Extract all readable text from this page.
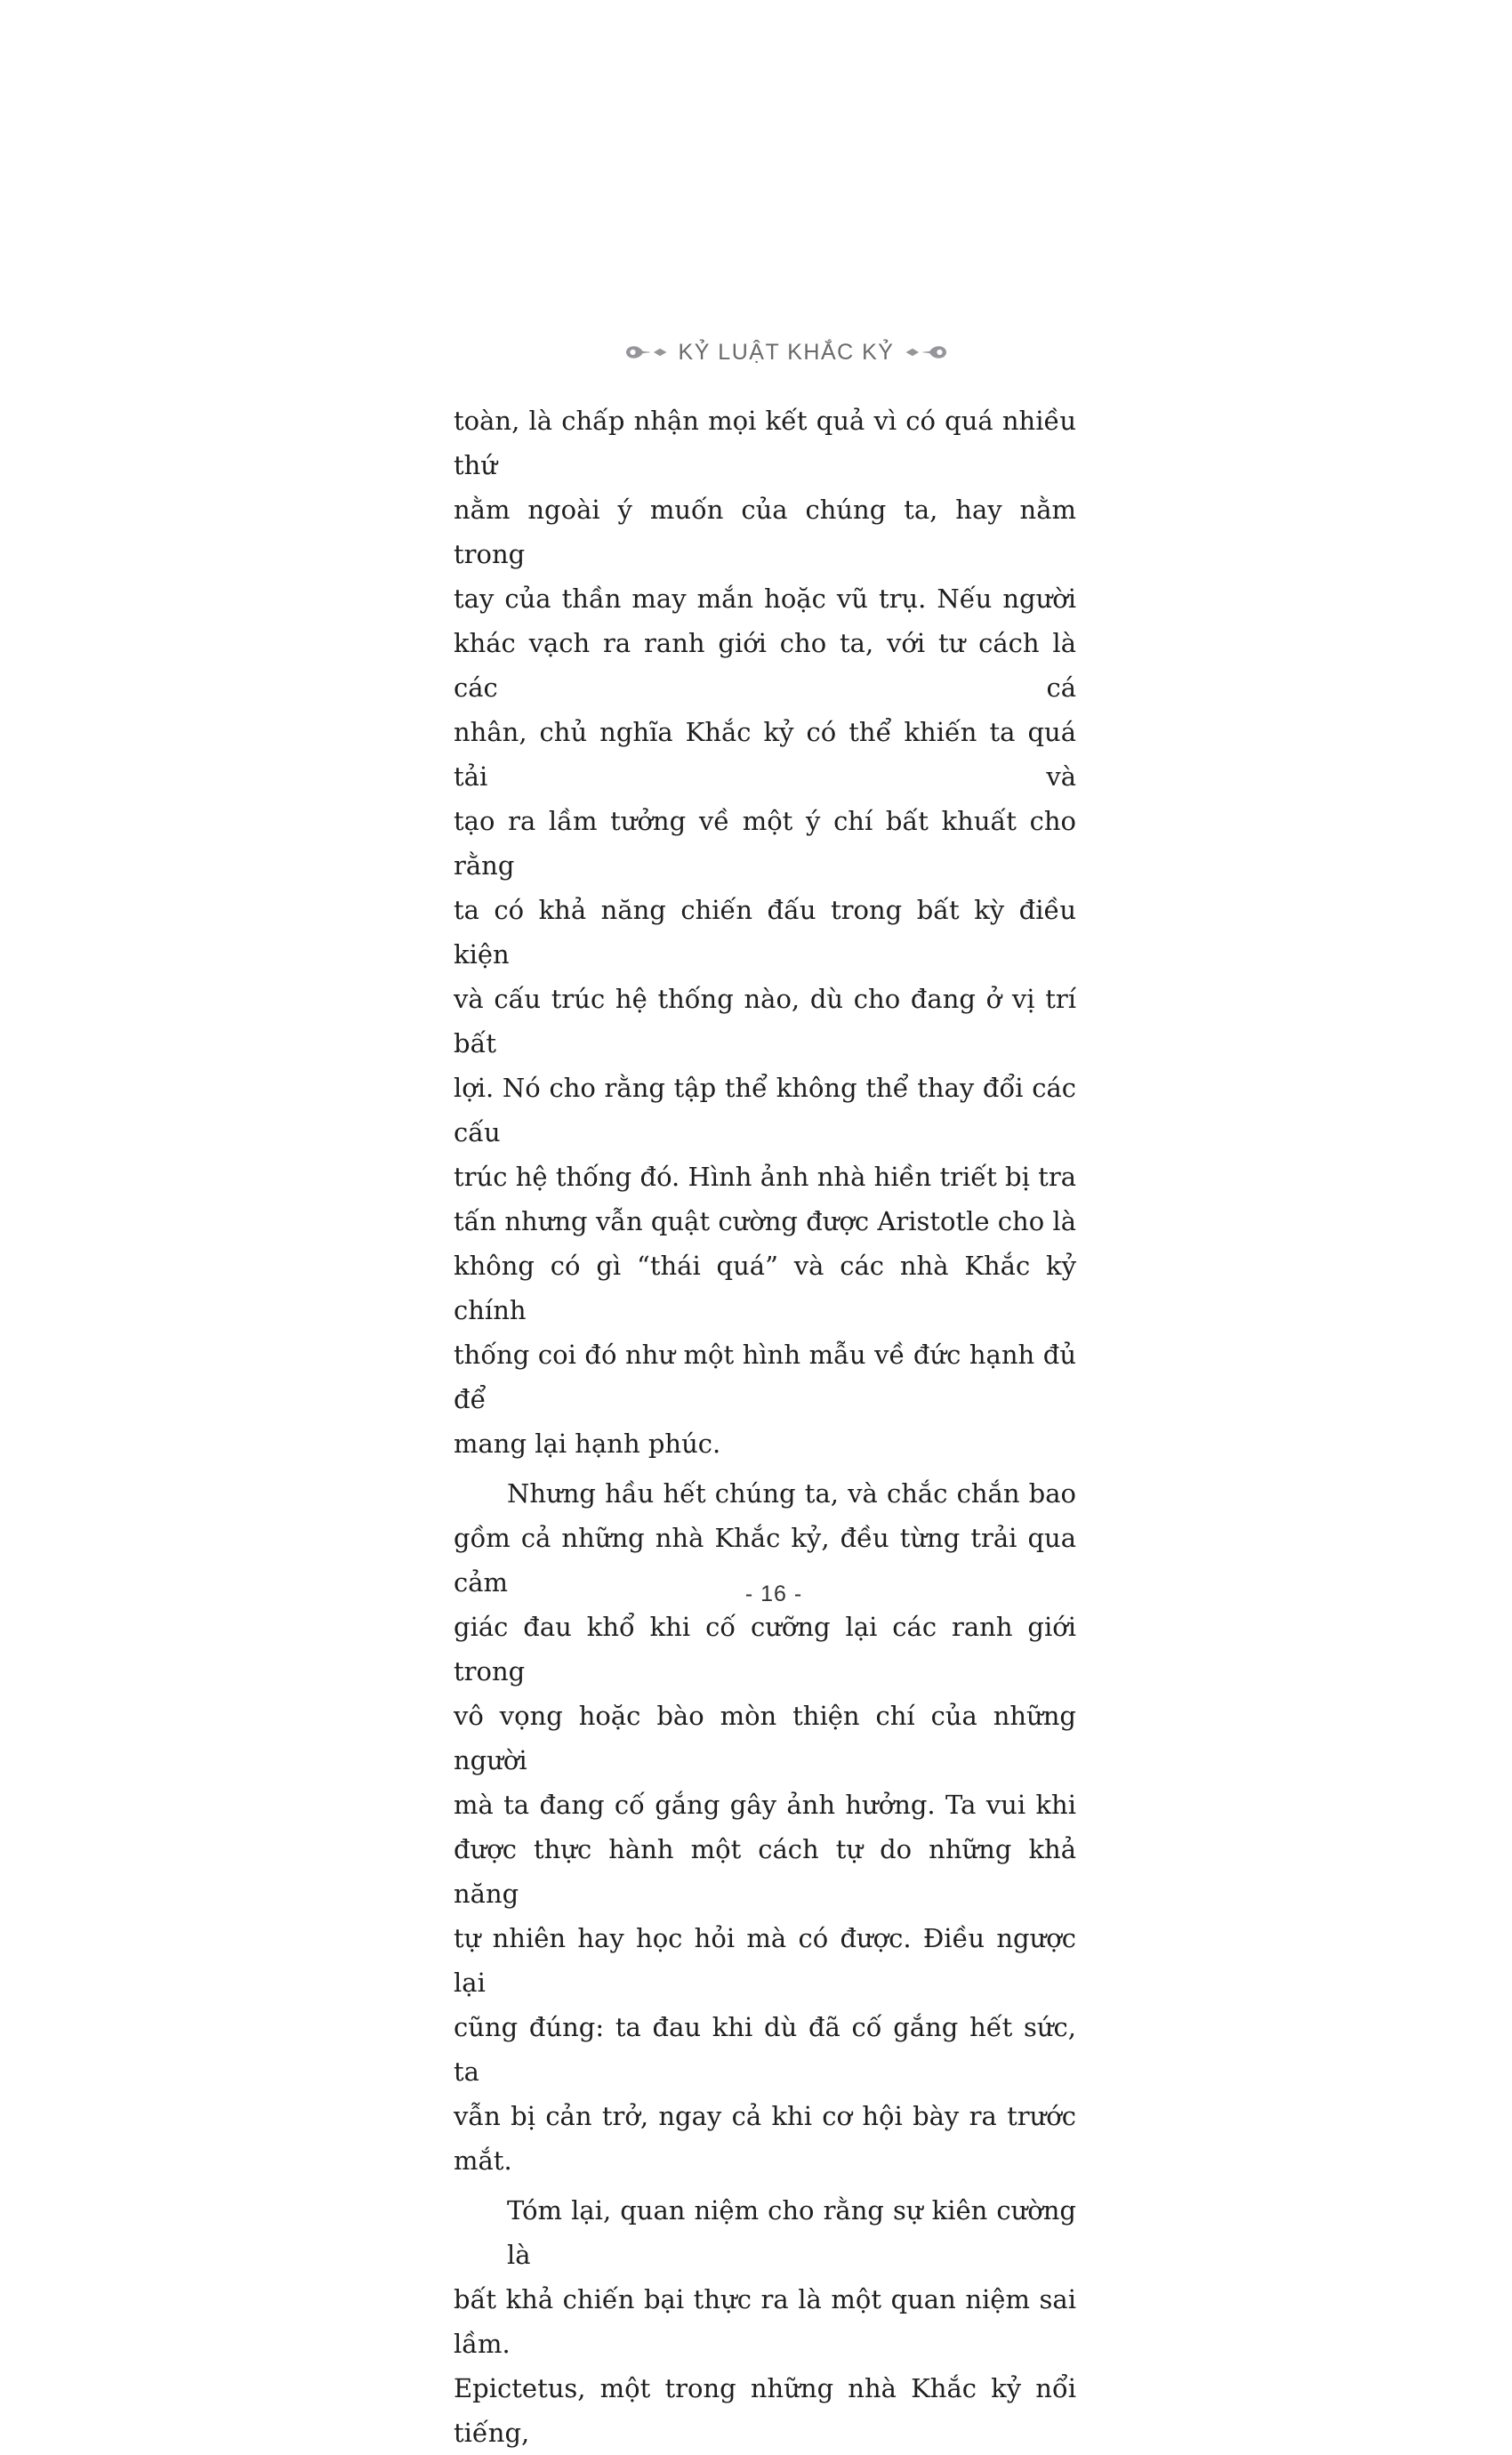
KỶ LUẬT KHẮC KỶ
toàn, là chấp nhận mọi kết quả vì có quá nhiều thứ
nằm ngoài ý muốn của chúng ta, hay nằm trong
tay của thần may mắn hoặc vũ trụ. Nếu người
khác vạch ra ranh giới cho ta, với tư cách là các cá
nhân, chủ nghĩa Khắc kỷ có thể khiến ta quá tải và
tạo ra lầm tưởng về một ý chí bất khuất cho rằng
ta có khả năng chiến đấu trong bất kỳ điều kiện
và cấu trúc hệ thống nào, dù cho đang ở vị trí bất
lợi. Nó cho rằng tập thể không thể thay đổi các cấu
trúc hệ thống đó. Hình ảnh nhà hiền triết bị tra
tấn nhưng vẫn quật cường được Aristotle cho là
không có gì “thái quá” và các nhà Khắc kỷ chính
thống coi đó như một hình mẫu về đức hạnh đủ để
mang lại hạnh phúc.
Nhưng hầu hết chúng ta, và chắc chắn bao
gồm cả những nhà Khắc kỷ, đều từng trải qua cảm
giác đau khổ khi cố cưỡng lại các ranh giới trong
vô vọng hoặc bào mòn thiện chí của những người
mà ta đang cố gắng gây ảnh hưởng. Ta vui khi
được thực hành một cách tự do những khả năng
tự nhiên hay học hỏi mà có được. Điều ngược lại
cũng đúng: ta đau khi dù đã cố gắng hết sức, ta
vẫn bị cản trở, ngay cả khi cơ hội bày ra trước mắt.
Tóm lại, quan niệm cho rằng sự kiên cường là
bất khả chiến bại thực ra là một quan niệm sai lầm.
Epictetus, một trong những nhà Khắc kỷ nổi tiếng,
- 16 -
